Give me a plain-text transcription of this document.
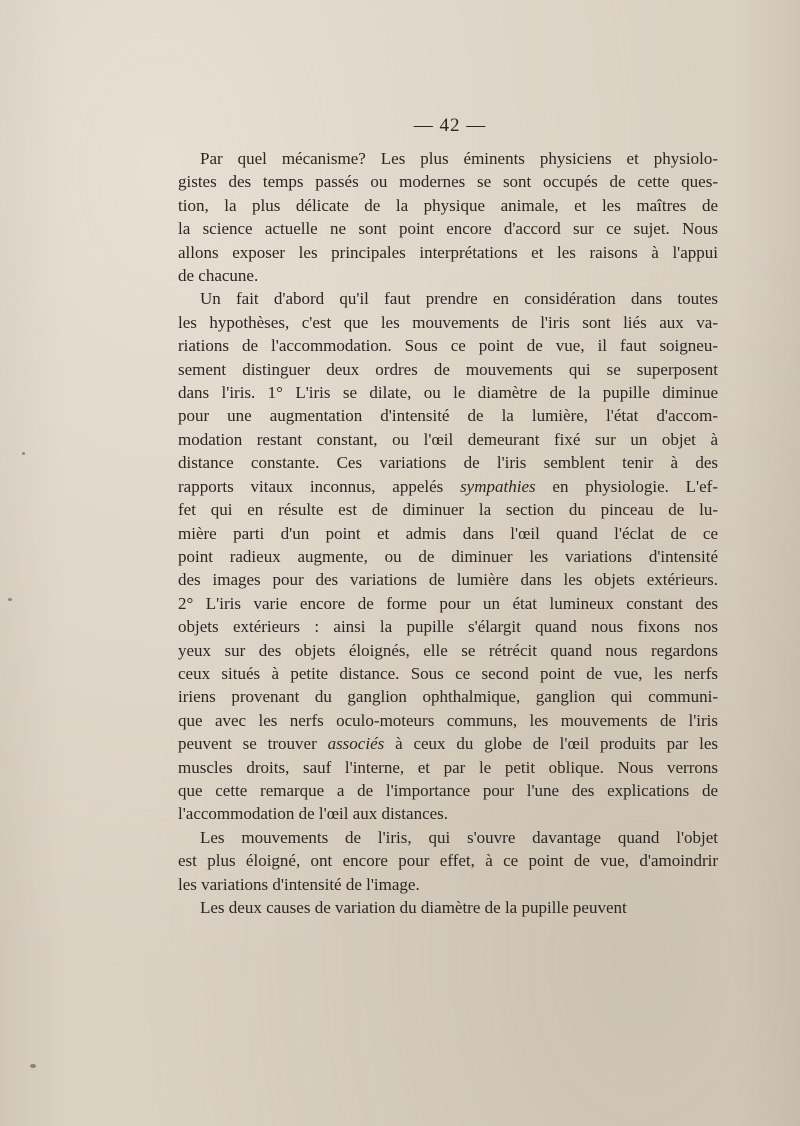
— 42 —
Par quel mécanisme? Les plus éminents physiciens et physiolo-
gistes des temps passés ou modernes se sont occupés de cette ques-
tion, la plus délicate de la physique animale, et les maîtres de
la science actuelle ne sont point encore d'accord sur ce sujet. Nous
allons exposer les principales interprétations et les raisons à l'appui
de chacune.
Un fait d'abord qu'il faut prendre en considération dans toutes
les hypothèses, c'est que les mouvements de l'iris sont liés aux va-
riations de l'accommodation. Sous ce point de vue, il faut soigneu-
sement distinguer deux ordres de mouvements qui se superposent
dans l'iris. 1° L'iris se dilate, ou le diamètre de la pupille diminue
pour une augmentation d'intensité de la lumière, l'état d'accom-
modation restant constant, ou l'œil demeurant fixé sur un objet à
distance constante. Ces variations de l'iris semblent tenir à des
rapports vitaux inconnus, appelés sympathies en physiologie. L'ef-
fet qui en résulte est de diminuer la section du pinceau de lu-
mière parti d'un point et admis dans l'œil quand l'éclat de ce
point radieux augmente, ou de diminuer les variations d'intensité
des images pour des variations de lumière dans les objets extérieurs.
2° L'iris varie encore de forme pour un état lumineux constant des
objets extérieurs : ainsi la pupille s'élargit quand nous fixons nos
yeux sur des objets éloignés, elle se rétrécit quand nous regardons
ceux situés à petite distance. Sous ce second point de vue, les nerfs
iriens provenant du ganglion ophthalmique, ganglion qui communi-
que avec les nerfs oculo-moteurs communs, les mouvements de l'iris
peuvent se trouver associés à ceux du globe de l'œil produits par les
muscles droits, sauf l'interne, et par le petit oblique. Nous verrons
que cette remarque a de l'importance pour l'une des explications de
l'accommodation de l'œil aux distances.
Les mouvements de l'iris, qui s'ouvre davantage quand l'objet
est plus éloigné, ont encore pour effet, à ce point de vue, d'amoindrir
les variations d'intensité de l'image.
Les deux causes de variation du diamètre de la pupille peuvent
